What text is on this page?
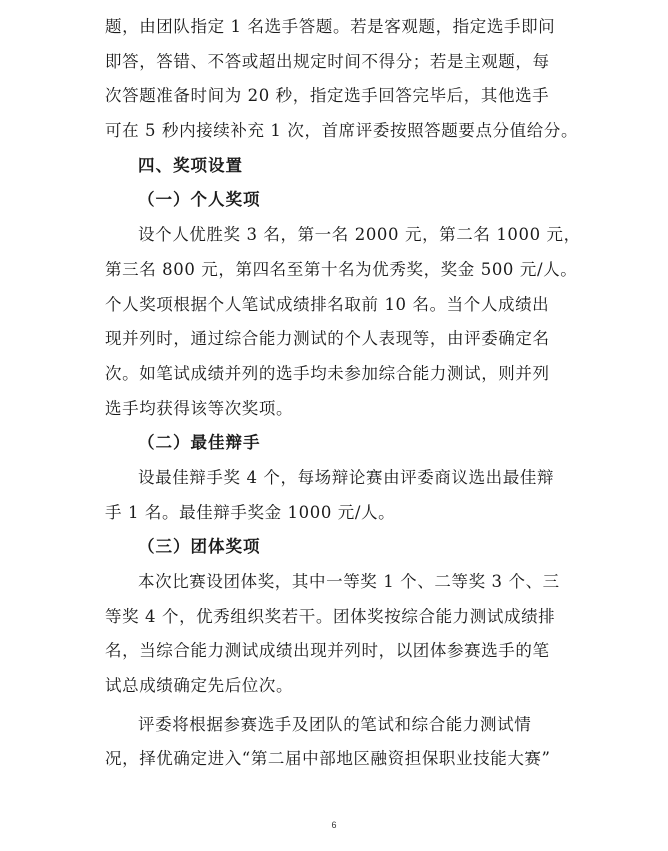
题，由团队指定 1 名选手答题。若是客观题，指定选手即问
即答，答错、不答或超出规定时间不得分；若是主观题，每
次答题准备时间为 20 秒，指定选手回答完毕后，其他选手
可在 5 秒内接续补充 1 次，首席评委按照答题要点分值给分。
四、奖项设置
（一）个人奖项
设个人优胜奖 3 名，第一名 2000 元，第二名 1000 元，
第三名 800 元，第四名至第十名为优秀奖，奖金 500 元/人。
个人奖项根据个人笔试成绩排名取前 10 名。当个人成绩出
现并列时，通过综合能力测试的个人表现等，由评委确定名
次。如笔试成绩并列的选手均未参加综合能力测试，则并列
选手均获得该等次奖项。
（二）最佳辩手
设最佳辩手奖 4 个，每场辩论赛由评委商议选出最佳辩
手 1 名。最佳辩手奖金 1000 元/人。
（三）团体奖项
本次比赛设团体奖，其中一等奖 1 个、二等奖 3 个、三
等奖 4 个，优秀组织奖若干。团体奖按综合能力测试成绩排
名，当综合能力测试成绩出现并列时，以团体参赛选手的笔
试总成绩确定先后位次。
评委将根据参赛选手及团队的笔试和综合能力测试情
况，择优确定进入“第二届中部地区融资担保职业技能大赛”
6
